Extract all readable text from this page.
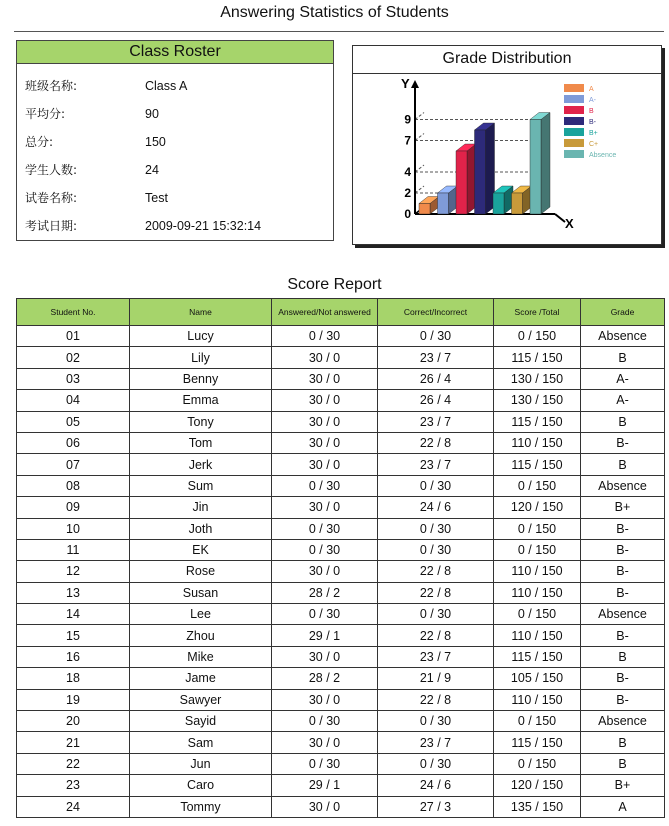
Answering Statistics of Students
Class Roster
班级名称:	Class A
平均分:	90
总分:	150
学生人数:	24
试卷名称:	Test
考试日期:	2009-09-21 15:32:14
Grade Distribution
0
2
4
7
9
Y
X
A
A-
B
B-
B+
C+
Absence
Score Report
Student No.	Name	Answered/Not answered	Correct/Incorrect	Score /Total	Grade
01	Lucy	0 / 30	0 / 30	0 / 150	Absence
02	Lily	30 / 0	23 / 7	115 / 150	B
03	Benny	30 / 0	26 / 4	130 / 150	A-
04	Emma	30 / 0	26 / 4	130 / 150	A-
05	Tony	30 / 0	23 / 7	115 / 150	B
06	Tom	30 / 0	22 / 8	110 / 150	B-
07	Jerk	30 / 0	23 / 7	115 / 150	B
08	Sum	0 / 30	0 / 30	0 / 150	Absence
09	Jin	30 / 0	24 / 6	120 / 150	B+
10	Joth	0 / 30	0 / 30	0 / 150	B-
11	EK	0 / 30	0 / 30	0 / 150	B-
12	Rose	30 / 0	22 / 8	110 / 150	B-
13	Susan	28 / 2	22 / 8	110 / 150	B-
14	Lee	0 / 30	0 / 30	0 / 150	Absence
15	Zhou	29 / 1	22 / 8	110 / 150	B-
16	Mike	30 / 0	23 / 7	115 / 150	B
18	Jame	28 / 2	21 / 9	105 / 150	B-
19	Sawyer	30 / 0	22 / 8	110 / 150	B-
20	Sayid	0 / 30	0 / 30	0 / 150	Absence
21	Sam	30 / 0	23 / 7	115 / 150	B
22	Jun	0 / 30	0 / 30	0 / 150	B
23	Caro	29 / 1	24 / 6	120 / 150	B+
24	Tommy	30 / 0	27 / 3	135 / 150	A
